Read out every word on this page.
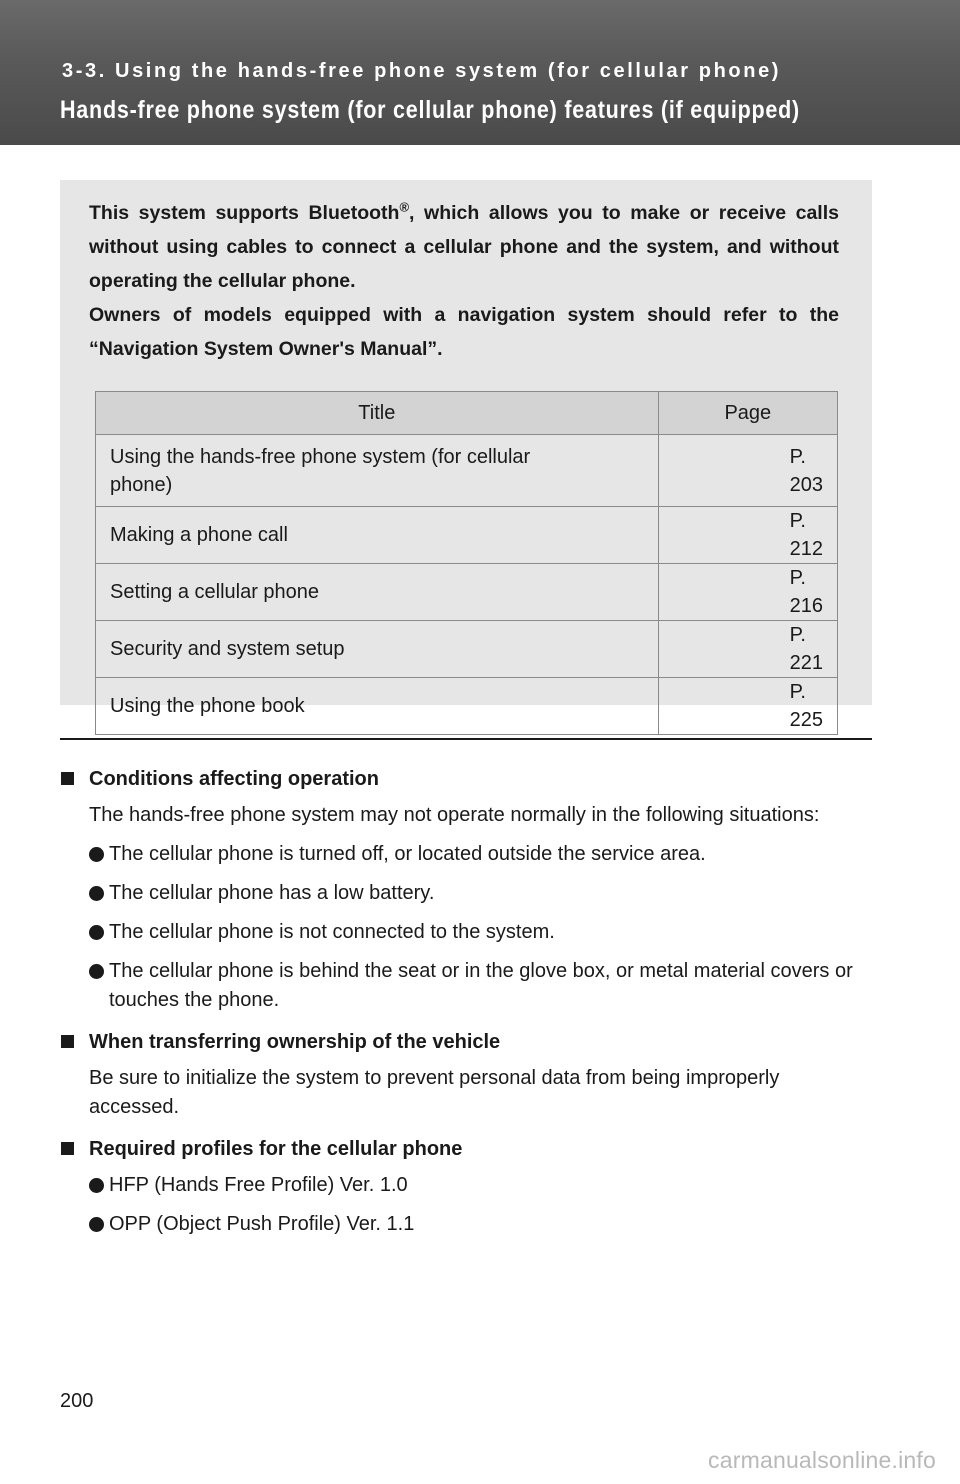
3-3. Using the hands-free phone system (for cellular phone)
Hands-free phone system (for cellular phone) features (if equipped)

This system supports Bluetooth®, which allows you to make or receive calls without using cables to connect a cellular phone and the system, and without operating the cellular phone.

Owners of models equipped with a navigation system should refer to the “Navigation System Owner's Manual”.

Title	Page
Using the hands-free phone system (for cellular phone)	P. 203
Making a phone call	P. 212
Setting a cellular phone	P. 216
Security and system setup	P. 221
Using the phone book	P. 225
Conditions affecting operation
The hands-free phone system may not operate normally in the following situations:
The cellular phone is turned off, or located outside the service area.
The cellular phone has a low battery.
The cellular phone is not connected to the system.
The cellular phone is behind the seat or in the glove box, or metal material covers or touches the phone.
When transferring ownership of the vehicle
Be sure to initialize the system to prevent personal data from being improperly accessed.
Required profiles for the cellular phone
HFP (Hands Free Profile) Ver. 1.0
OPP (Object Push Profile) Ver. 1.1
200
carmanualsonline.info
